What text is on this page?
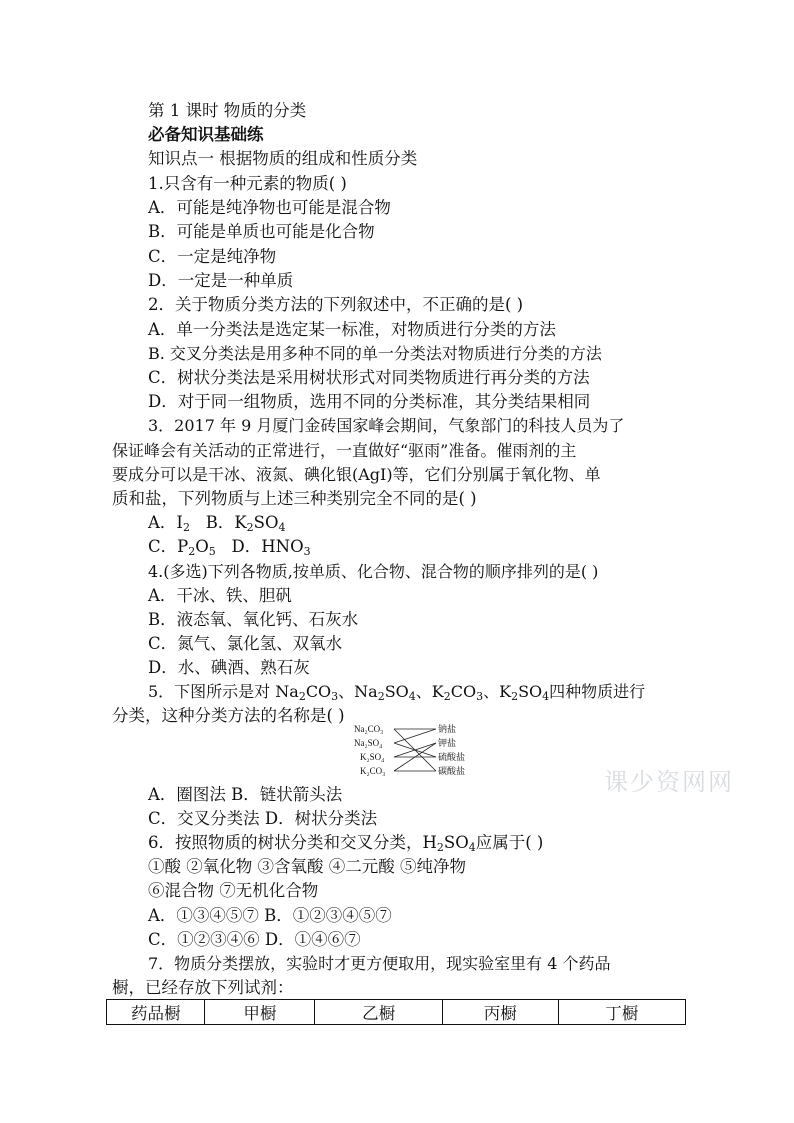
第 1 课时 物质的分类
必备知识基础练
知识点一 根据物质的组成和性质分类
1.只含有一种元素的物质( )
A．可能是纯净物也可能是混合物
B．可能是单质也可能是化合物
C．一定是纯净物
D．一定是一种单质
2．关于物质分类方法的下列叙述中，不正确的是( )
A．单一分类法是选定某一标准，对物质进行分类的方法
B. 交叉分类法是用多种不同的单一分类法对物质进行分类的方法
C．树状分类法是采用树状形式对同类物质进行再分类的方法
D．对于同一组物质，选用不同的分类标准，其分类结果相同
3．2017 年 9 月厦门金砖国家峰会期间，气象部门的科技人员为了
保证峰会有关活动的正常进行，一直做好“驱雨”准备。催雨剂的主
要成分可以是干冰、液氮、碘化银(AgI)等，它们分别属于氧化物、单
质和盐，下列物质与上述三种类别完全不同的是( )
A．$I_2$ B．$K_2SO_4$
C．$P_2O_5$ D．$HNO_3$
4.(多选)下列各物质,按单质、化合物、混合物的顺序排列的是( )
A．干冰、铁、胆矾
B．液态氧、氧化钙、石灰水
C．氮气、氯化氢、双氧水
D．水、碘酒、熟石灰
5．下图所示是对 $Na_2CO_3$、$Na_2SO_4$、$K_2CO_3$、$K_2SO_4$四种物质进行
分类，这种分类方法的名称是( )
Na₂CO₃
Na₂SO₄
K₂SO₄
K₂CO₃
钠盐
钾盐
硫酸盐
碳酸盐	课少资网网
A．圈图法 B．链状箭头法
C．交叉分类法 D．树状分类法
6．按照物质的树状分类和交叉分类，$H_2SO_4$应属于( )
①酸 ②氧化物 ③含氧酸 ④二元酸 ⑤纯净物
⑥混合物 ⑦无机化合物
A．①③④⑤⑦ B．①②③④⑤⑦
C．①②③④⑥ D．①④⑥⑦
7．物质分类摆放，实验时才更方便取用，现实验室里有 4 个药品
橱，已经存放下列试剂：
药品橱	甲橱	乙橱	丙橱	丁橱
